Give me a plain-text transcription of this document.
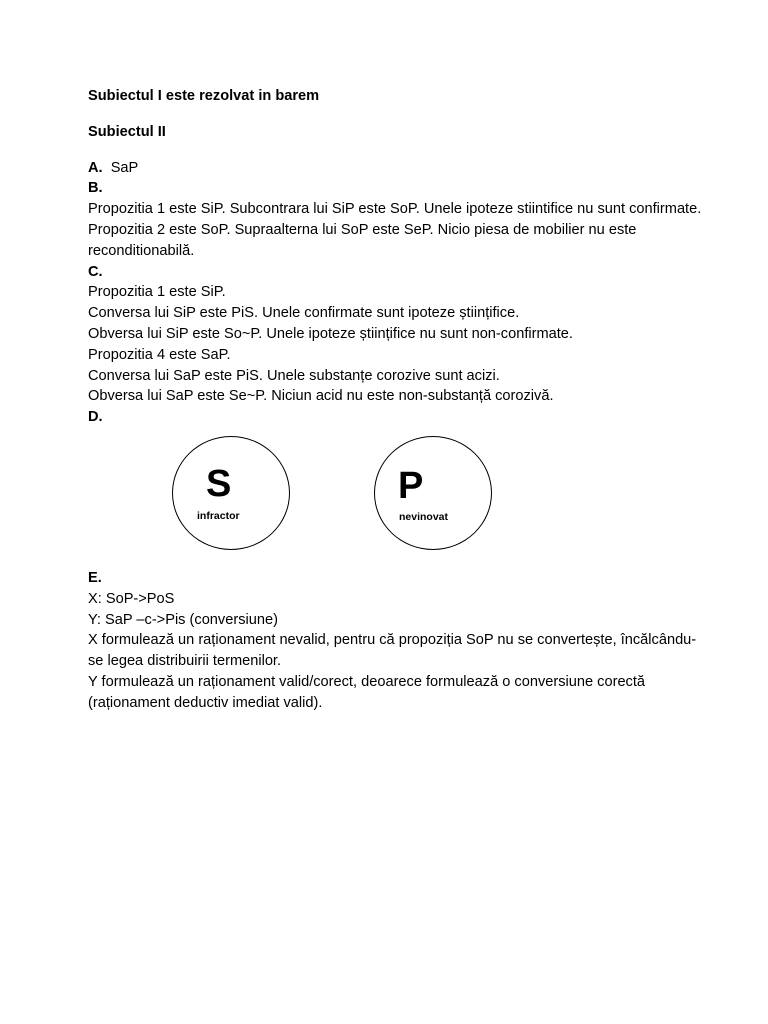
Subiectul I este rezolvat in barem

Subiectul II

A. SaP

B.

Propozitia 1 este SiP. Subcontrara lui SiP este SoP. Unele ipoteze stiintifice nu sunt confirmate.

Propozitia 2 este SoP. Supraalterna lui SoP este SeP. Nicio piesa de mobilier nu este reconditionabilă.

C.

Propozitia 1 este SiP.

Conversa lui SiP este PiS. Unele confirmate sunt ipoteze științifice.

Obversa lui SiP este So~P. Unele ipoteze științifice nu sunt non-confirmate.

Propozitia 4 este SaP.

Conversa lui SaP este PiS. Unele substanțe corozive sunt acizi.

Obversa lui SaP este Se~P. Niciun acid nu este non-substanță corozivă.

D.

S
infractor
P
nevinovat

E.

X: SoP->PoS

Y: SaP –c->Pis (conversiune)

X formulează un raționament nevalid, pentru că propoziția SoP nu se convertește, încălcându-se legea distribuirii termenilor.

Y formulează un raționament valid/corect, deoarece formulează o conversiune corectă (raționament deductiv imediat valid).
